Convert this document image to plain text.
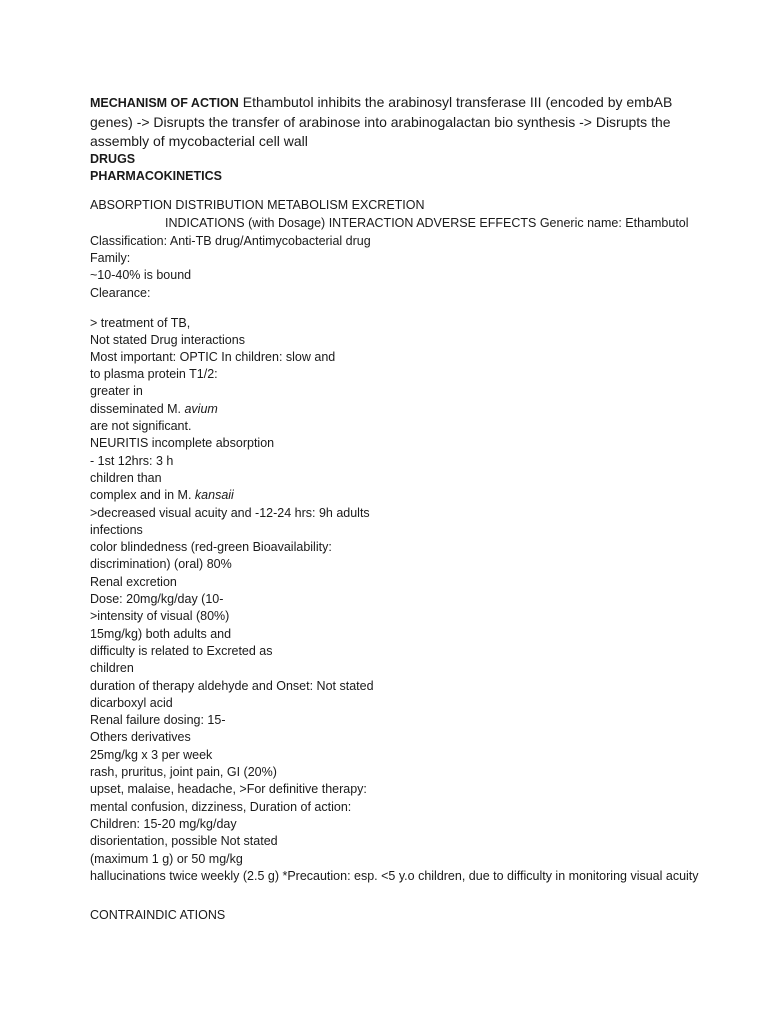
MECHANISM OF ACTION Ethambutol inhibits the arabinosyl transferase III (encoded by embAB genes) -> Disrupts the transfer of arabinose into arabinogalactan bio synthesis -> Disrupts the assembly of mycobacterial cell wall

DRUGS

PHARMACOKINETICS

ABSORPTION DISTRIBUTION METABOLISM EXCRETION

INDICATIONS (with Dosage) INTERACTION ADVERSE EFFECTS Generic name: Ethambutol

Classification: Anti-TB drug/Antimycobacterial drug

Family:

~10-40% is bound

Clearance:

> treatment of TB,

Not stated Drug interactions

Most important: OPTIC In children: slow and

to plasma protein T1/2:

greater in

disseminated M. avium

are not significant.

NEURITIS incomplete absorption

- 1st 12hrs: 3 h

children than

complex and in M. kansaii

>decreased visual acuity and -12-24 hrs: 9h adults

infections

color blindedness (red-green Bioavailability:

discrimination) (oral) 80%

Renal excretion

Dose: 20mg/kg/day (10-

>intensity of visual (80%)

15mg/kg) both adults and

difficulty is related to Excreted as

children

duration of therapy aldehyde and Onset: Not stated

dicarboxyl acid

Renal failure dosing: 15-

Others derivatives

25mg/kg x 3 per week

rash, pruritus, joint pain, GI (20%)

upset, malaise, headache, >For definitive therapy:

mental confusion, dizziness, Duration of action:

Children: 15-20 mg/kg/day

disorientation, possible Not stated

(maximum 1 g) or 50 mg/kg

hallucinations twice weekly (2.5 g) *Precaution: esp. <5 y.o children, due to difficulty in monitoring visual acuity

CONTRAINDIC ATIONS
